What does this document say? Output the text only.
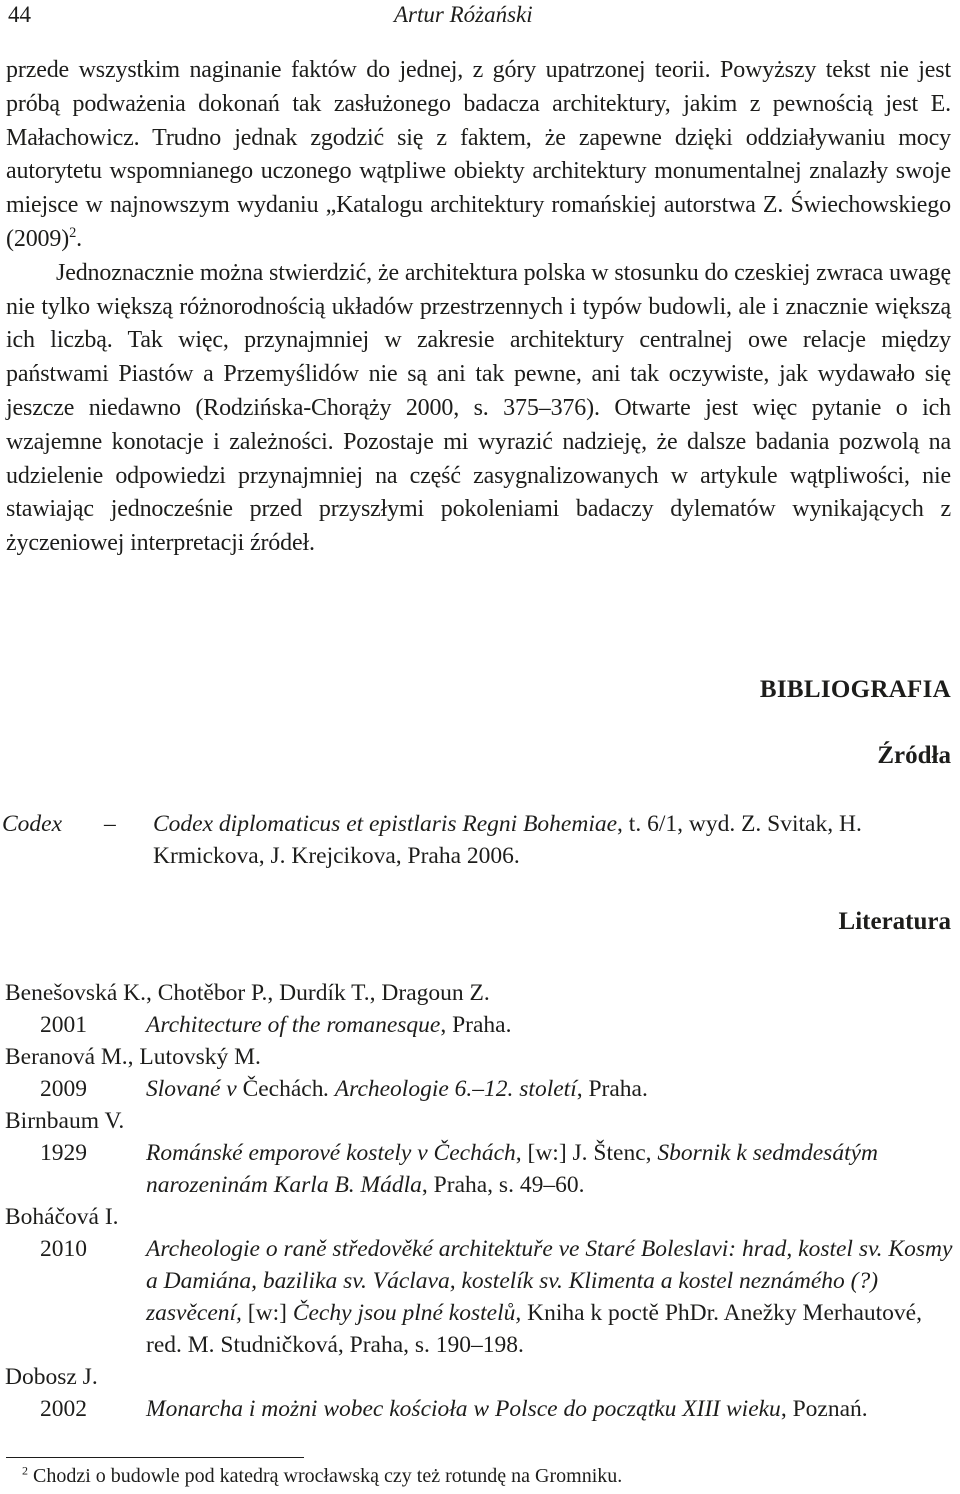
44	Artur Różański

przede wszystkim naginanie faktów do jednej, z góry upatrzonej teorii. Powyższy tekst nie jest próbą podważenia dokonań tak zasłużonego badacza architektury, jakim z pewnością jest E. Małachowicz. Trudno jednak zgodzić się z faktem, że zapewne dzięki oddziaływaniu mocy autorytetu wspomnianego uczonego wątpliwe obiekty architektury monumentalnej znalazły swoje miejsce w najnowszym wydaniu „Katalogu architektury romańskiej autorstwa Z. Świechowskiego $(2009)^2$.

Jednoznacznie można stwierdzić, że architektura polska w stosunku do czeskiej zwraca uwagę nie tylko większą różnorodnością układów przestrzennych i typów budowli, ale i znacznie większą ich liczbą. Tak więc, przynajmniej w zakresie architektury centralnej owe relacje między państwami Piastów a Przemyślidów nie są ani tak pewne, ani tak oczywiste, jak wydawało się jeszcze niedawno (Rodzińska-Chorąży 2000, s. 375–376). Otwarte jest więc pytanie o ich wzajemne konotacje i zależności. Pozostaje mi wyrazić nadzieję, że dalsze badania pozwolą na udzielenie odpowiedzi przynajmniej na część zasygnalizowanych w artykule wątpliwości, nie stawiając jednocześnie przed przyszłymi pokoleniami badaczy dylematów wynikających z życzeniowej interpretacji źródeł.

BIBLIOGRAFIA
Źródła
Codex – Codex diplomaticus et epistlaris Regni Bohemiae, t. 6/1, wyd. Z. Svitak, H. Krmickova, J. Krejcikova, Praha 2006.
Literatura
Benešovská K., Chotěbor P., Durdík T., Dragoun Z.
2001	Architecture of the romanesque, Praha.
Beranová M., Lutovský M.
2009	Slované v Čechách. Archeologie 6.–12. století, Praha.
Birnbaum V.
1929	Románské emporové kostely v Čechách, [w:] J. Štenc, Sbornik k sedmdesátým narozeninám Karla B. Mádla, Praha, s. 49–60.
Boháčová I.
2010	Archeologie o raně středověké architektuře ve Staré Boleslavi: hrad, kostel sv. Kosmy a Damiána, bazilika sv. Václava, kostelík sv. Klimenta a kostel neznámého (?) zasvěcení, [w:] Čechy jsou plné kostelů, Kniha k poctě PhDr. Anežky Merhautové, red. M. Studničková, Praha, s. 190–198.
Dobosz J.
2002	Monarcha i możni wobec kościoła w Polsce do początku XIII wieku, Poznań.
$^2$ Chodzi o budowle pod katedrą wrocławską czy też rotundę na Gromniku.
